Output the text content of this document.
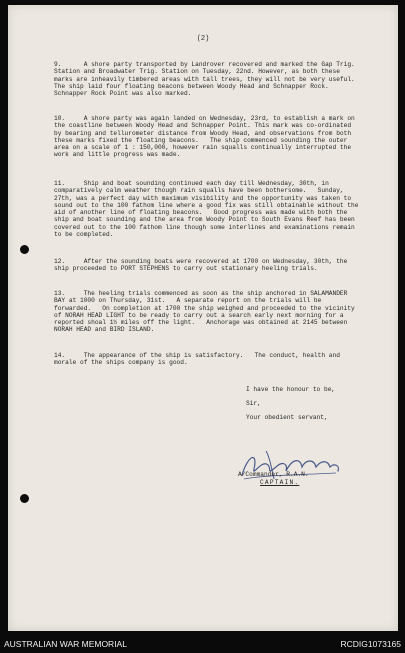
(2)

9.		A shore party transported by Landrover recovered and marked the Gap Trig. Station and Broadwater Trig. Station on Tuesday, 22nd. However, as both these marks are inheavily timbered areas with tall trees, they will not be very useful.   The ship laid four floating beacons between Woody Head and Schnapper Rock.   Schnapper Rock Point was also marked.

10.		A shore party was again landed on Wednesday, 23rd, to establish a mark on the coastline between Woody Head and Schnapper Point. This mark was co-ordinated by bearing and tellurometer distance from Woody Head, and observations from both these marks fixed the floating beacons.   The ship commenced sounding the outer area on a scale of 1 : 150,000, however rain squalls continually interrupted the work and little progress was made.

11.		Ship and boat sounding continued each day till Wednesday, 30th, in comparatively calm weather though rain squalls have been bothersome.   Sunday, 27th, was a perfect day with maximum visibility and the opportunity was taken to sound out to the 100 fathom line where a good fix was still obtainable without the aid of another line of floating beacons.   Good progress was made with both the ship and boat sounding and the area from Woody Point to South Evans Reef has been covered out to the 100 fathom line though some interlines and examinations remain to be completed.

12.		After the sounding boats were recovered at 1700 on Wednesday, 30th, the ship proceeded to PORT STEPHENS to carry out stationary heeling trials.

13.		The heeling trials commenced as soon as the ship anchored in SALAMANDER BAY at 1000 on Thursday, 31st.   A separate report on the trials will be forwarded.   On completion at 1700 the ship weighed and proceeded to the vicinity of NORAH HEAD LIGHT to be ready to carry out a search early next morning for a reported shoal 1½ miles off the light.   Anchorage was obtained at 2145 between NORAH HEAD and BIRD ISLAND.

14.		The appearance of the ship is satisfactory.   The conduct, health and morale of the ships company is good.

I have the honour to be,
Sir,
Your obedient servant,
A/Commander, R.A.N.
CAPTAIN.
AUSTRALIAN WAR MEMORIAL	RCDIG1073165
